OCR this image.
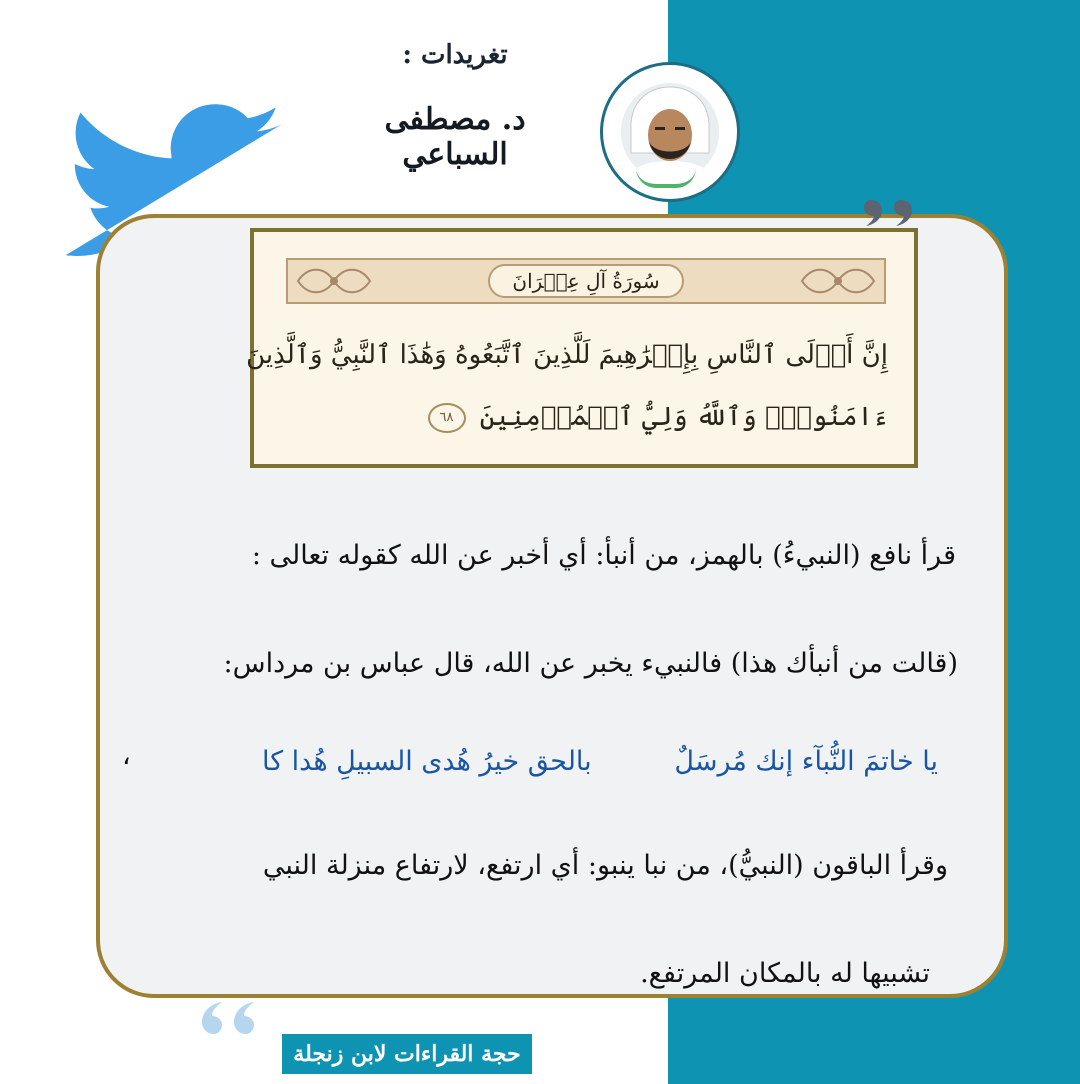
تغريدات :
د. مصطفى السباعي
سُورَةُ آلِ عِمۡرَانَ
إِنَّ أَوۡلَى ٱلنَّاسِ بِإِبۡرَٰهِيمَ لَلَّذِينَ ٱتَّبَعُوهُ وَهَٰذَا ٱلنَّبِيُّ وَٱلَّذِينَ
ءَامَنُواْۗ وَٱللَّهُ وَلِيُّ ٱلۡمُؤۡمِنِينَ ٦٨
قرأ نافع (النبيءُ) بالهمز، من أنبأ: أي أخبر عن الله كقوله تعالى :
(قالت من أنبأك هذا) فالنبيء يخبر عن الله، قال عباس بن مرداس:
يا خاتمَ النُّبآء إنك مُرسَلٌ
بالحق خيرُ هُدى السبيلِ هُدا كا
،
وقرأ الباقون (النبيُّ)، من نبا ينبو: أي ارتفع، لارتفاع منزلة النبي
تشبيها له بالمكان المرتفع.
حجة القراءات لابن زنجلة
